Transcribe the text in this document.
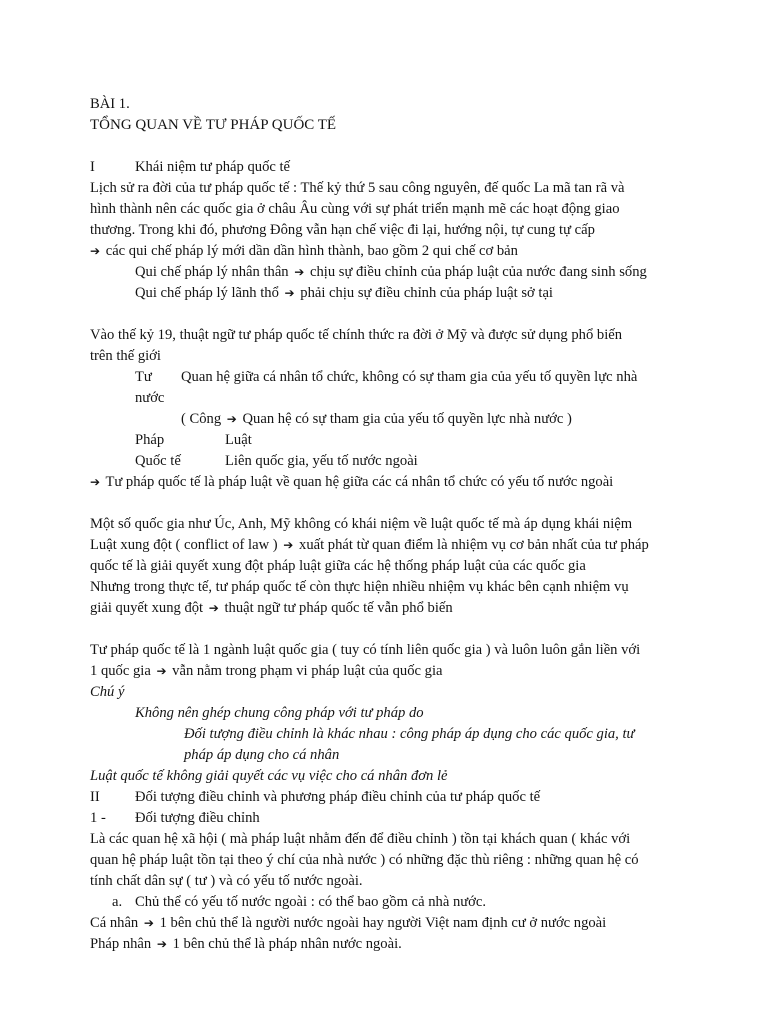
BÀI 1.
TỔNG QUAN VỀ TƯ PHÁP QUỐC TẾ
I	Khái niệm tư pháp quốc tế
Lịch sử ra đời của tư pháp quốc tế : Thế kỷ thứ 5 sau công nguyên, đế quốc La mã tan rã và
hình thành nên các quốc gia ở châu Âu cùng với sự phát triển mạnh mẽ các hoạt động giao
thương. Trong khi đó, phương Đông vẫn hạn chế việc đi lại, hướng nội, tự cung tự cấp
➔ các qui chế pháp lý mới dần dần hình thành, bao gồm 2 qui chế cơ bản
Qui chế pháp lý nhân thân ➔ chịu sự điều chỉnh của pháp luật của nước đang sinh sống
Qui chế pháp lý lãnh thổ ➔ phải chịu sự điều chỉnh của pháp luật sở tại
Vào thế kỷ 19, thuật ngữ tư pháp quốc tế chính thức ra đời ở Mỹ và được sử dụng phổ biến
trên thế giới
Tư	Quan hệ giữa cá nhân tổ chức, không có sự tham gia của yếu tố quyền lực nhà
nước
( Công ➔ Quan hệ có sự tham gia của yếu tố quyền lực nhà nước )
Pháp	Luật
Quốc tế	Liên quốc gia, yếu tố nước ngoài
➔ Tư pháp quốc tế là pháp luật về quan hệ giữa các cá nhân tổ chức có yếu tố nước ngoài
Một số quốc gia như Úc, Anh, Mỹ không có khái niệm về luật quốc tế mà áp dụng khái niệm
Luật xung đột ( conflict of law ) ➔ xuất phát từ quan điểm là nhiệm vụ cơ bản nhất của tư pháp
quốc tế là giải quyết xung đột pháp luật giữa các hệ thống pháp luật của các quốc gia
Nhưng trong thực tế, tư pháp quốc tế còn thực hiện nhiều nhiệm vụ khác bên cạnh nhiệm vụ
giải quyết xung đột ➔ thuật ngữ tư pháp quốc tế vẫn phổ biến
Tư pháp quốc tế là 1 ngành luật quốc gia ( tuy có tính liên quốc gia ) và luôn luôn gắn liền với
1 quốc gia ➔ vẫn nằm trong phạm vi pháp luật của quốc gia
Chú ý
Không nên ghép chung công pháp với tư pháp do
Đối tượng điều chỉnh là khác nhau : công pháp áp dụng cho các quốc gia, tư
pháp áp dụng cho cá nhân
Luật quốc tế không giải quyết các vụ việc cho cá nhân đơn lẻ
II	Đối tượng điều chỉnh và phương pháp điều chỉnh của tư pháp quốc tế
1 -	Đối tượng điều chỉnh
Là các quan hệ xã hội ( mà pháp luật nhằm đến để điều chỉnh ) tồn tại khách quan ( khác với
quan hệ pháp luật tồn tại theo ý chí của nhà nước ) có những đặc thù riêng : những quan hệ có
tính chất dân sự ( tư ) và có yếu tố nước ngoài.
a. Chủ thể có yếu tố nước ngoài : có thể bao gồm cả nhà nước.
Cá nhân ➔ 1 bên chủ thể là người nước ngoài hay người Việt nam định cư ở nước ngoài
Pháp nhân ➔ 1 bên chủ thể là pháp nhân nước ngoài.
